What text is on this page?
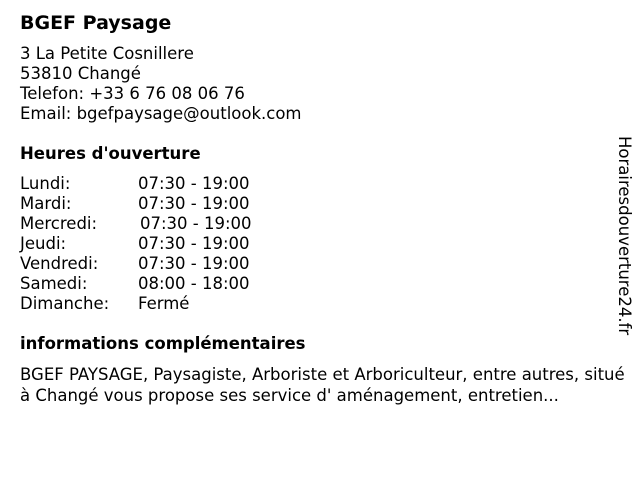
BGEF Paysage
3 La Petite Cosnillere
53810 Changé
Telefon: +33 6 76 08 06 76
Email: bgefpaysage@outlook.com
Heures d'ouverture
Lundi:	07:30 - 19:00
Mardi:	07:30 - 19:00
Mercredi:	07:30 - 19:00
Jeudi:	07:30 - 19:00
Vendredi: 07:30 - 19:00
Samedi:	08:00 - 18:00
Dimanche: Fermé
informations complémentaires
BGEF PAYSAGE, Paysagiste, Arboriste et Arboriculteur, entre autres, situé à Changé vous propose ses service d' aménagement, entretien...
Horairesdouverture24.fr
